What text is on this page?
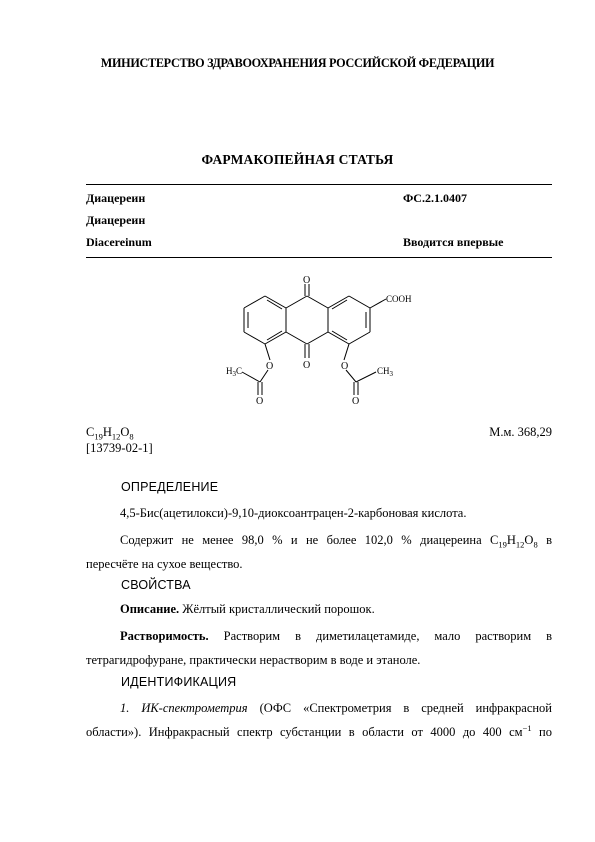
МИНИСТЕРСТВО ЗДРАВООХРАНЕНИЯ РОССИЙСКОЙ ФЕДЕРАЦИИ
ФАРМАКОПЕЙНАЯ СТАТЬЯ
Диацереин	ФС.2.1.0407
Диацереин
Diacereinum	Вводится впервые
O
O
COOH
O	O
O	O
$H_3C$	$CH_3$
$C_{19}H_{12}O_8$
[13739-02-1]
М.м. 368,29
ОПРЕДЕЛЕНИЕ
4,5-Бис(ацетилокси)-9,10-диоксоантрацен-2-карбоновая кислота.
Содержит не менее 98,0 % и не более 102,0 % диацереина $C_{19}H_{12}O_8$ в
пересчёте на сухое вещество.
СВОЙСТВА
Описание. Жёлтый кристаллический порошок.
Растворимость. Растворим в диметилацетамиде, мало растворим в
тетрагидрофуране, практически нерастворим в воде и этаноле.
ИДЕНТИФИКАЦИЯ
1. ИК-спектрометрия (ОФС «Спектрометрия в средней инфракрасной
области»). Инфракрасный спектр субстанции в области от 4000 до 400 $см^{-1}$ по
